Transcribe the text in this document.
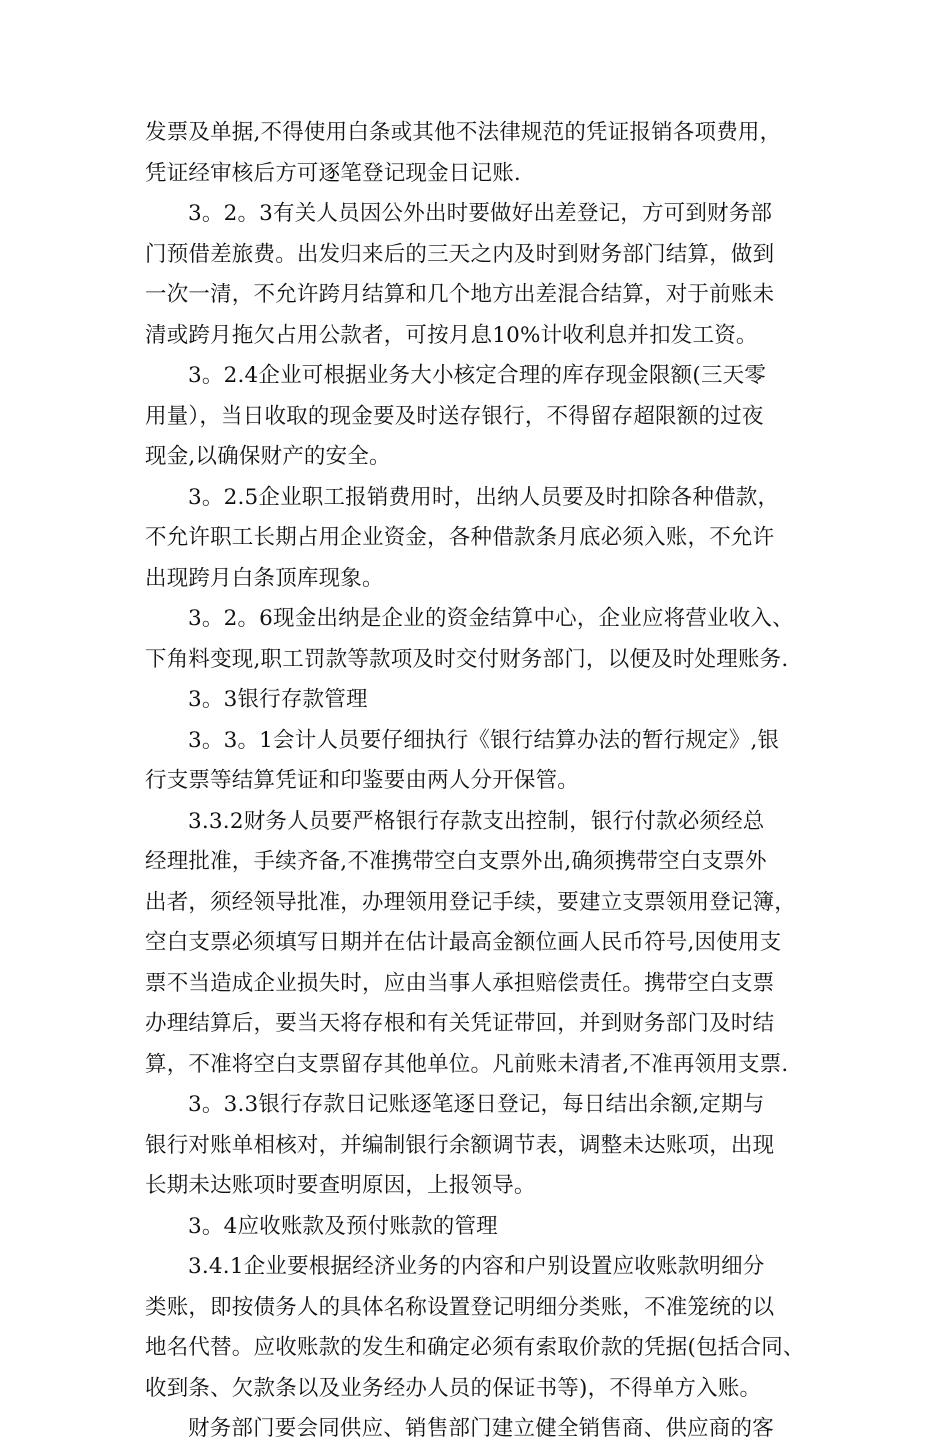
发票及单据,不得使用白条或其他不法律规范的凭证报销各项费用，
凭证经审核后方可逐笔登记现金日记账.
3。2。3有关人员因公外出时要做好出差登记，方可到财务部
门预借差旅费。出发归来后的三天之内及时到财务部门结算，做到
一次一清，不允许跨月结算和几个地方出差混合结算，对于前账未
清或跨月拖欠占用公款者，可按月息10%计收利息并扣发工资。
3。2.4企业可根据业务大小核定合理的库存现金限额(三天零
用量），当日收取的现金要及时送存银行，不得留存超限额的过夜
现金,以确保财产的安全。
3。2.5企业职工报销费用时，出纳人员要及时扣除各种借款，
不允许职工长期占用企业资金，各种借款条月底必须入账，不允许
出现跨月白条顶库现象。
3。2。6现金出纳是企业的资金结算中心，企业应将营业收入、
下角料变现,职工罚款等款项及时交付财务部门，以便及时处理账务.
3。3银行存款管理
3。3。1会计人员要仔细执行《银行结算办法的暂行规定》,银
行支票等结算凭证和印鉴要由两人分开保管。
3.3.2财务人员要严格银行存款支出控制，银行付款必须经总
经理批准，手续齐备,不准携带空白支票外出,确须携带空白支票外
出者，须经领导批准，办理领用登记手续，要建立支票领用登记簿，
空白支票必须填写日期并在估计最高金额位画人民币符号,因使用支
票不当造成企业损失时，应由当事人承担赔偿责任。携带空白支票
办理结算后，要当天将存根和有关凭证带回，并到财务部门及时结
算，不准将空白支票留存其他单位。凡前账未清者,不准再领用支票.
3。3.3银行存款日记账逐笔逐日登记，每日结出余额,定期与
银行对账单相核对，并编制银行余额调节表，调整未达账项，出现
长期未达账项时要查明原因，上报领导。
3。4应收账款及预付账款的管理
3.4.1企业要根据经济业务的内容和户别设置应收账款明细分
类账，即按债务人的具体名称设置登记明细分类账，不准笼统的以
地名代替。应收账款的发生和确定必须有索取价款的凭据(包括合同、
收到条、欠款条以及业务经办人员的保证书等)，不得单方入账。
财务部门要会同供应、销售部门建立健全销售商、供应商的客
